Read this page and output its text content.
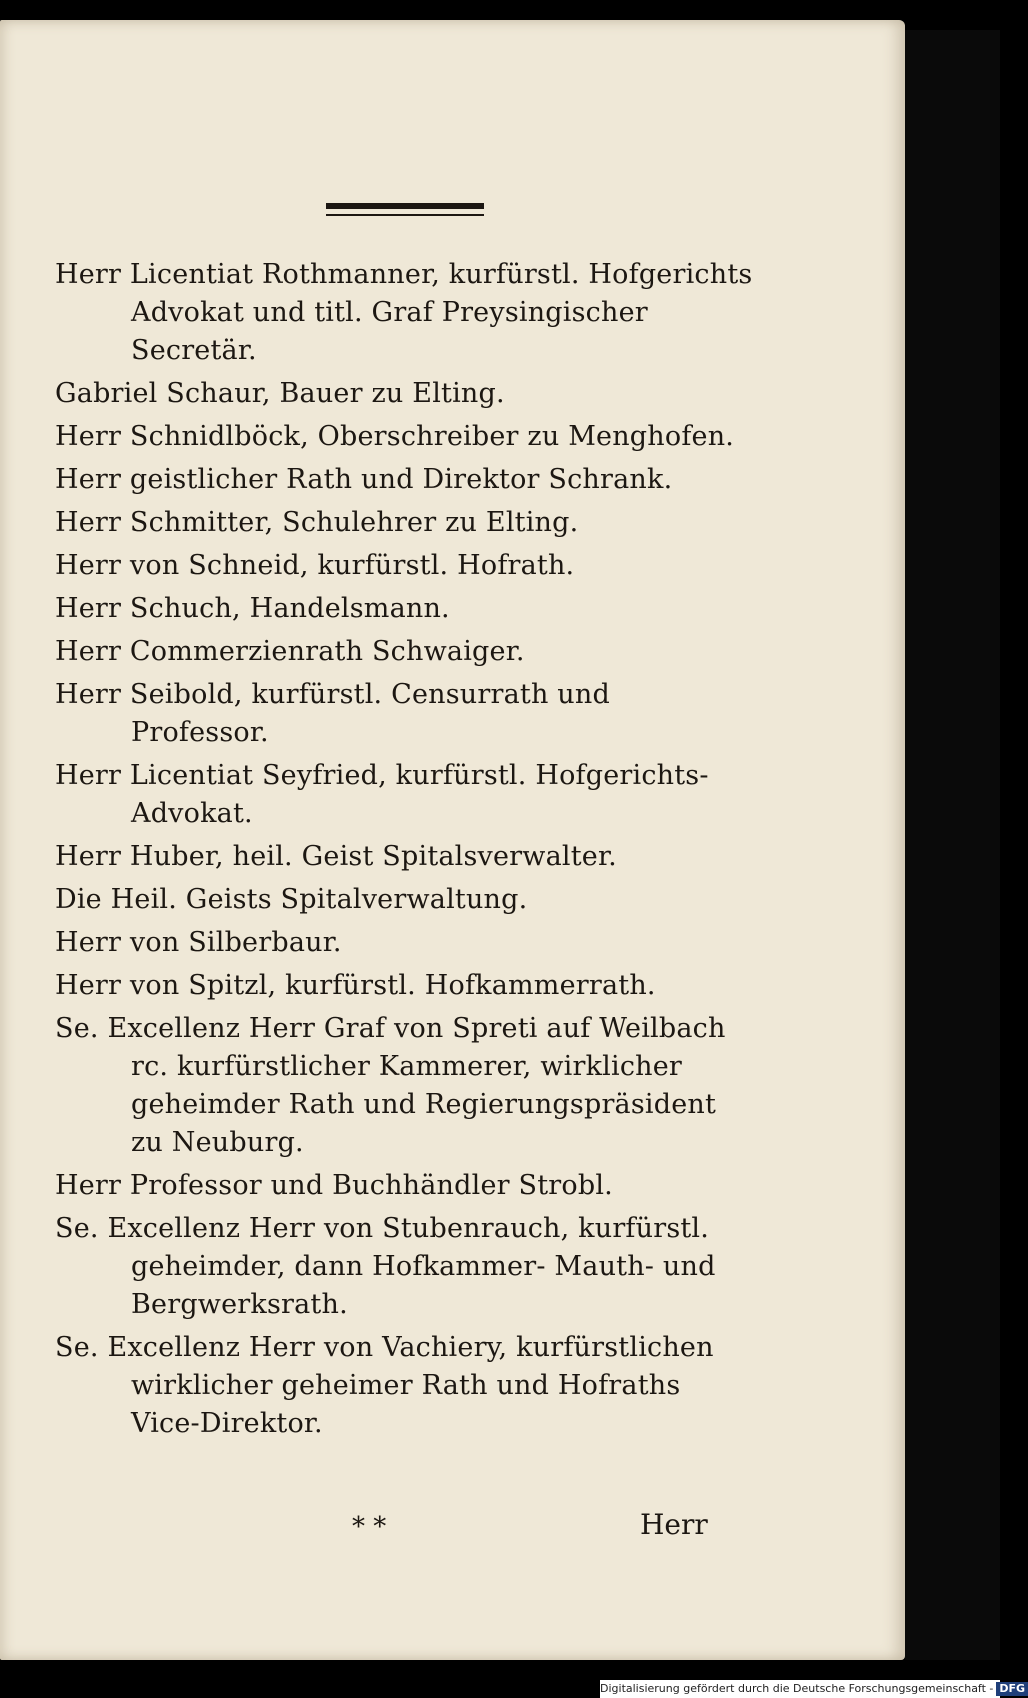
Herr Licentiat Rothmanner, kurfürstl. Hofgerichts Advokat und titl. Graf Preysingischer Secretär.
Gabriel Schaur, Bauer zu Elting.
Herr Schnidlböck, Oberschreiber zu Menghofen.
Herr geistlicher Rath und Direktor Schrank.
Herr Schmitter, Schulehrer zu Elting.
Herr von Schneid, kurfürstl. Hofrath.
Herr Schuch, Handelsmann.
Herr Commerzienrath Schwaiger.
Herr Seibold, kurfürstl. Censurrath und Professor.
Herr Licentiat Seyfried, kurfürstl. Hofgerichts-Advokat.
Herr Huber, heil. Geist Spitalsverwalter.
Die Heil. Geists Spitalverwaltung.
Herr von Silberbaur.
Herr von Spitzl, kurfürstl. Hofkammerrath.
Se. Excellenz Herr Graf von Spreti auf Weilbach rc. kurfürstlicher Kammerer, wirklicher geheimder Rath und Regierungspräsident zu Neuburg.
Herr Professor und Buchhändler Strobl.
Se. Excellenz Herr von Stubenrauch, kurfürstl. geheimder, dann Hofkammer- Mauth- und Bergwerksrath.
Se. Excellenz Herr von Vachiery, kurfürstlichen wirklicher geheimer Rath und Hofraths Vice-Direktor.
* *	Herr
Digitalisierung gefördert durch die Deutsche Forschungsgemeinschaft - DFG
